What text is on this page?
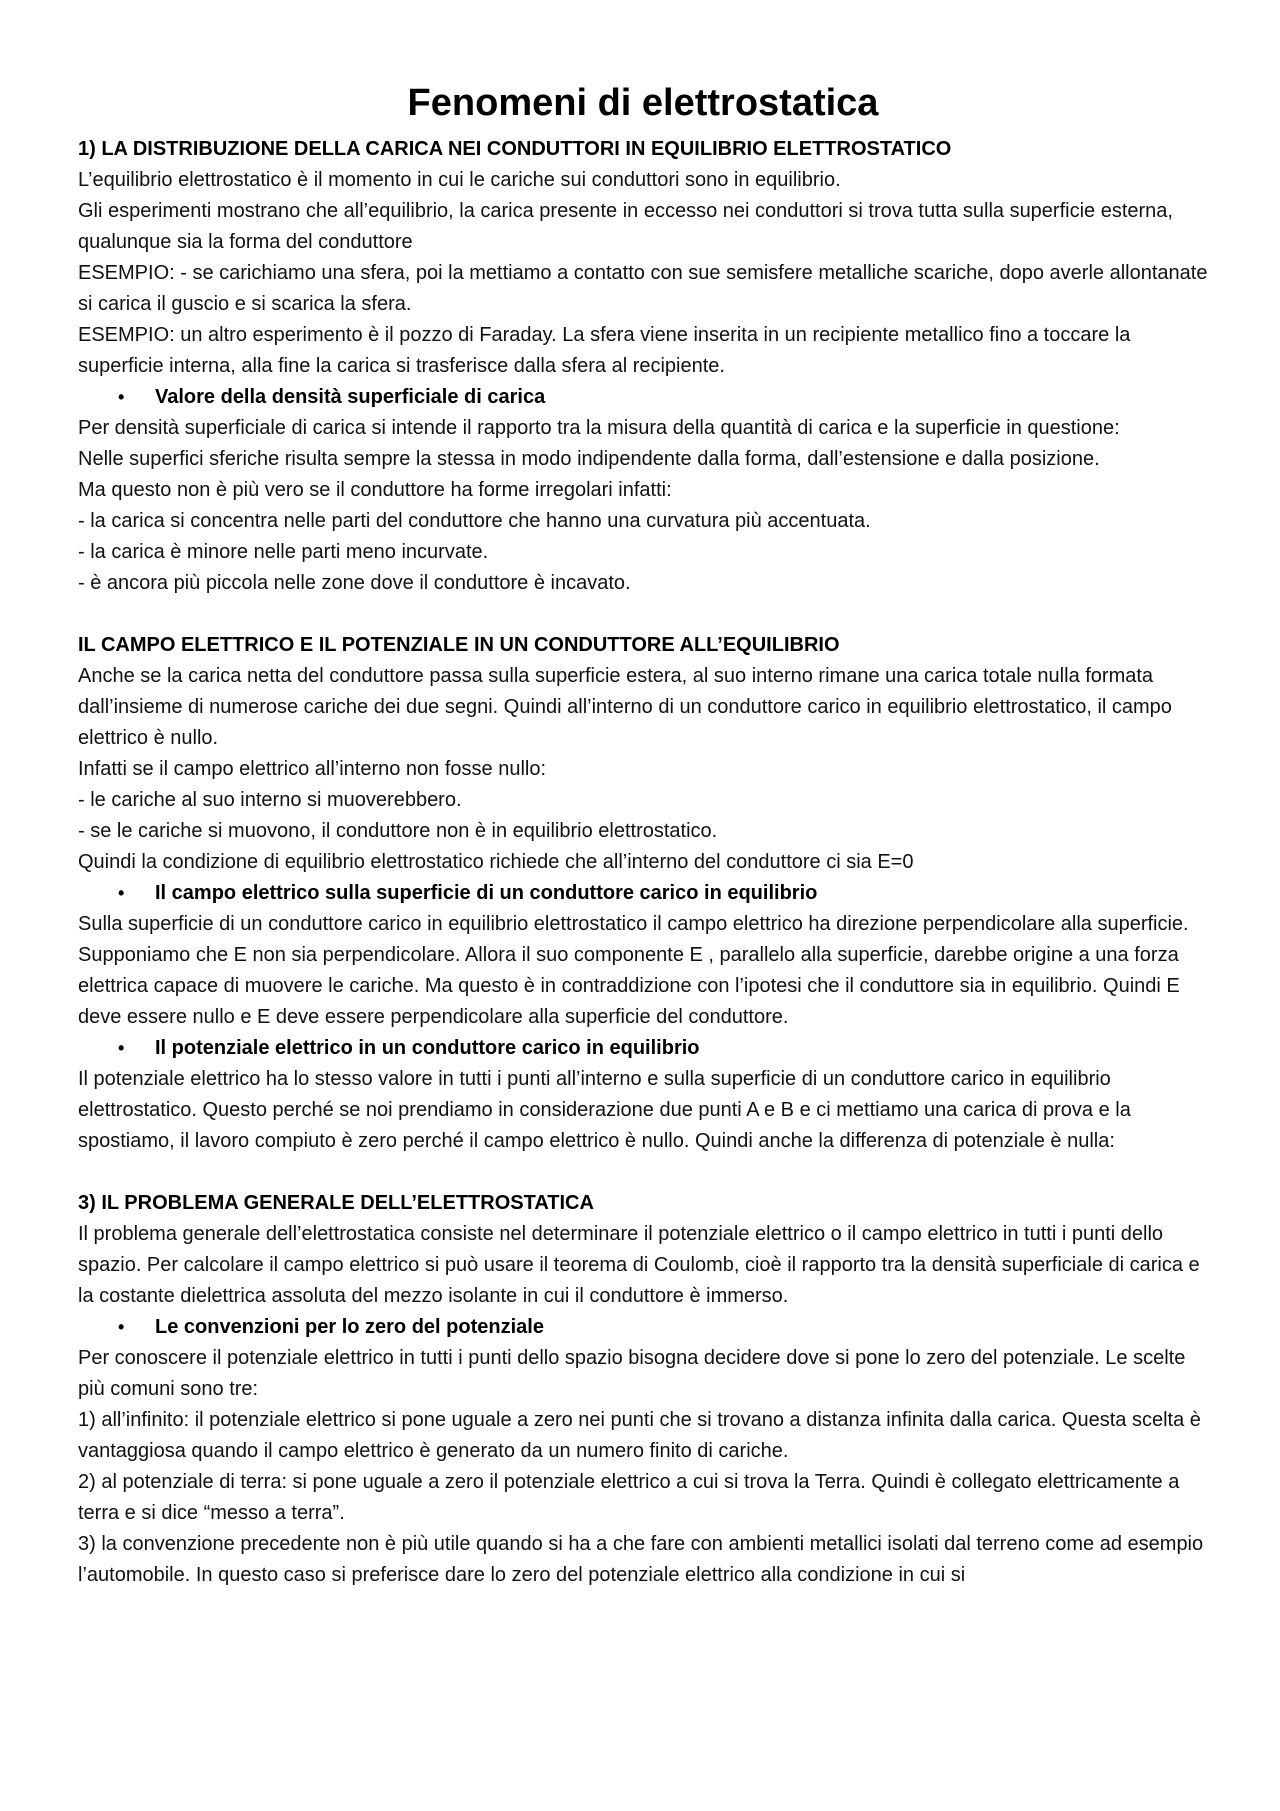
Fenomeni di elettrostatica
1) LA DISTRIBUZIONE DELLA CARICA NEI CONDUTTORI IN EQUILIBRIO ELETTROSTATICO

L’equilibrio elettrostatico è il momento in cui le cariche sui conduttori sono in equilibrio.

Gli esperimenti mostrano che all’equilibrio, la carica presente in eccesso nei conduttori si trova tutta sulla superficie esterna, qualunque sia la forma del conduttore

ESEMPIO: - se carichiamo una sfera, poi la mettiamo a contatto con sue semisfere metalliche scariche, dopo averle allontanate si carica il guscio e si scarica la sfera.

ESEMPIO: un altro esperimento è il pozzo di Faraday. La sfera viene inserita in un recipiente metallico fino a toccare la superficie interna, alla fine la carica si trasferisce dalla sfera al recipiente.

•	Valore della densità superficiale di carica

Per densità superficiale di carica si intende il rapporto tra la misura della quantità di carica e la superficie in questione:

Nelle superfici sferiche risulta sempre la stessa in modo indipendente dalla forma, dall’estensione e dalla posizione.

Ma questo non è più vero se il conduttore ha forme irregolari infatti:

- la carica si concentra nelle parti del conduttore che hanno una curvatura più accentuata.

- la carica è minore nelle parti meno incurvate.

- è ancora più piccola nelle zone dove il conduttore è incavato.

IL CAMPO ELETTRICO E IL POTENZIALE IN UN CONDUTTORE ALL’EQUILIBRIO

Anche se la carica netta del conduttore passa sulla superficie estera, al suo interno rimane una carica totale nulla formata dall’insieme di numerose cariche dei due segni. Quindi all’interno di un conduttore carico in equilibrio elettrostatico, il campo elettrico è nullo.

Infatti se il campo elettrico all’interno non fosse nullo:

- le cariche al suo interno si muoverebbero.

- se le cariche si muovono, il conduttore non è in equilibrio elettrostatico.

Quindi la condizione di equilibrio elettrostatico richiede che all’interno del conduttore ci sia E=0

•	Il campo elettrico sulla superficie di un conduttore carico in equilibrio

Sulla superficie di un conduttore carico in equilibrio elettrostatico il campo elettrico ha direzione perpendicolare alla superficie. Supponiamo che E non sia perpendicolare. Allora il suo componente E , parallelo alla superficie, darebbe origine a una forza elettrica capace di muovere le cariche. Ma questo è in contraddizione con l’ipotesi che il conduttore sia in equilibrio. Quindi E deve essere nullo e E deve essere perpendicolare alla superficie del conduttore.

•	Il potenziale elettrico in un conduttore carico in equilibrio

Il potenziale elettrico ha lo stesso valore in tutti i punti all’interno e sulla superficie di un conduttore carico in equilibrio elettrostatico. Questo perché se noi prendiamo in considerazione due punti A e B e ci mettiamo una carica di prova e la spostiamo, il lavoro compiuto è zero perché il campo elettrico è nullo. Quindi anche la differenza di potenziale è nulla:

3) IL PROBLEMA GENERALE DELL’ELETTROSTATICA

Il problema generale dell’elettrostatica consiste nel determinare il potenziale elettrico o il campo elettrico in tutti i punti dello spazio. Per calcolare il campo elettrico si può usare il teorema di Coulomb, cioè il rapporto tra la densità superficiale di carica e la costante dielettrica assoluta del mezzo isolante in cui il conduttore è immerso.

•	Le convenzioni per lo zero del potenziale

Per conoscere il potenziale elettrico in tutti i punti dello spazio bisogna decidere dove si pone lo zero del potenziale. Le scelte più comuni sono tre:

1) all’infinito: il potenziale elettrico si pone uguale a zero nei punti che si trovano a distanza infinita dalla carica. Questa scelta è vantaggiosa quando il campo elettrico è generato da un numero finito di cariche.

2) al potenziale di terra: si pone uguale a zero il potenziale elettrico a cui si trova la Terra. Quindi è collegato elettricamente a terra e si dice “messo a terra”.

3) la convenzione precedente non è più utile quando si ha a che fare con ambienti metallici isolati dal terreno come ad esempio l’automobile. In questo caso si preferisce dare lo zero del potenziale elettrico alla condizione in cui si
